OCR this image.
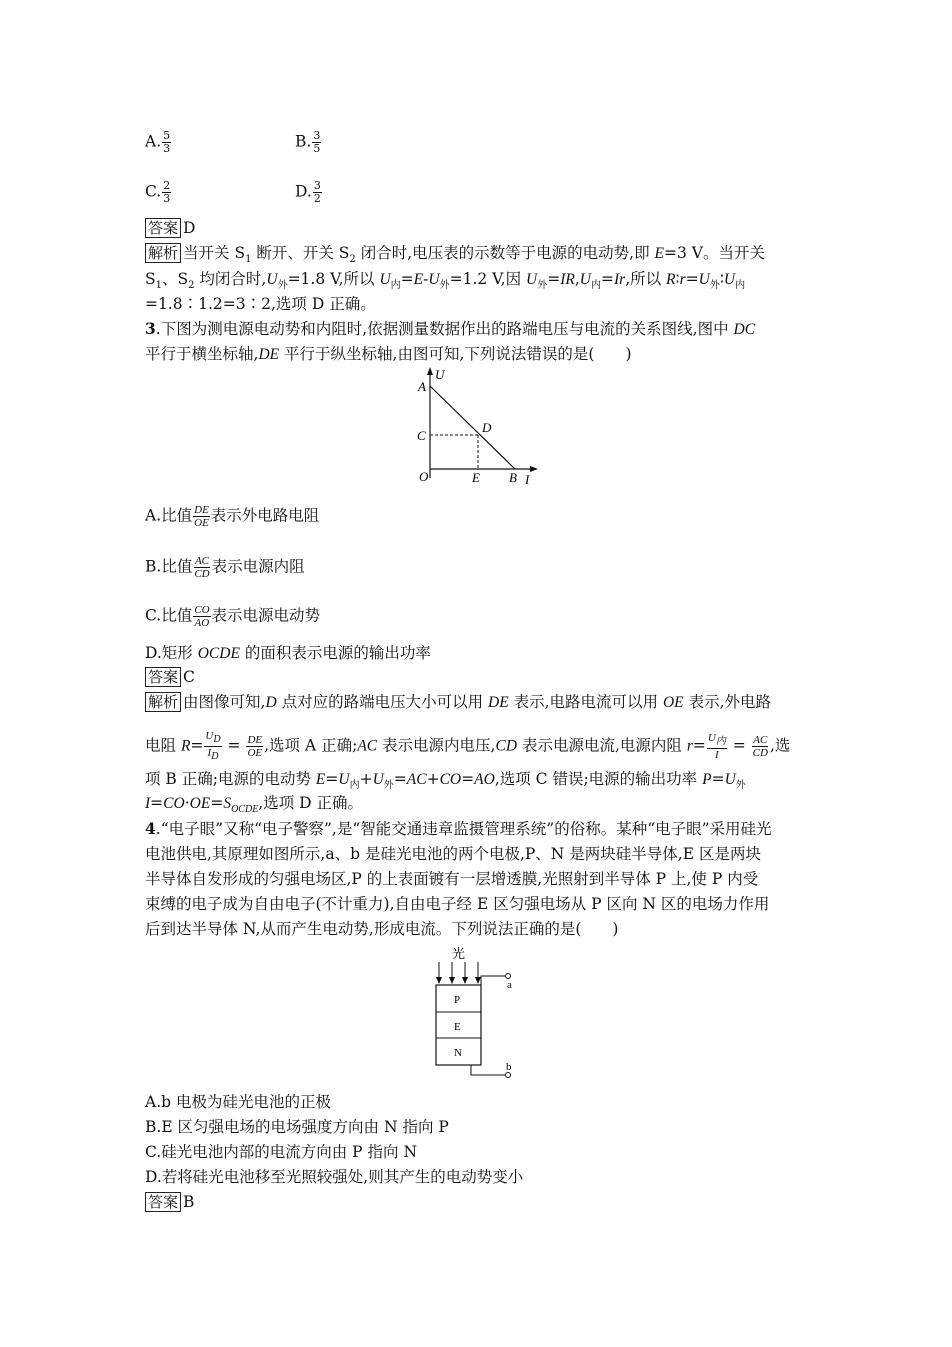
A. $\frac{5}{3}$	B. $\frac{3}{5}$
C. $\frac{2}{3}$	D. $\frac{3}{2}$
答案 D
解析 当开关 $S_1$ 断开、开关 $S_2$ 闭合时,电压表的示数等于电源的电动势,即 E=3 V。当开关
$S_1$、$S_2$ 均闭合时$,U_外=1.8$ V,所以 $U_内=E-U_外=1.2$ V,因 $U_外=IR,U_内=Ir$,所以 $R∶r=U_外∶U_内$
=1.8∶1.2=3∶2,选项 D 正确。
3.下图为测电源电动势和内阻时,依据测量数据作出的路端电压与电流的关系图线,图中 DC
平行于横坐标轴,DE 平行于纵坐标轴,由图可知,下列说法错误的是(　　)
U
A
C
D
O	E B I
A.比值 $\frac{DE}{OE}$ 表示外电路电阻
B.比值 $\frac{AC}{CD}$ 表示电源内阻
C.比值 $\frac{CO}{AO}$ 表示电源电动势
D.矩形 OCDE 的面积表示电源的输出功率
答案 C
解析 由图像可知,D 点对应的路端电压大小可以用 DE 表示,电路电流可以用 OE 表示,外电路
电阻 $R= \frac{U_D}{I_D} = \frac{DE}{OE}$ ,选项 A 正确;AC 表示电源内电压,CD 表示电源电流,电源内阻 $r= \frac{U_内}{I} = \frac{AC}{CD}$ ,选
项 B 正确;电源的电动势 $E=U_内+U_外=AC+CO=AO$,选项 C 错误;电源的输出功率 $P=U_外$
$I=CO\cdot OE=S_{OCDE}$,选项 D 正确。
4.“电子眼”又称“电子警察”,是“智能交通违章监摄管理系统”的俗称。某种“电子眼”采用硅光
电池供电,其原理如图所示,a、b 是硅光电池的两个电极,P、N 是两块硅半导体,E 区是两块
半导体自发形成的匀强电场区,P 的上表面镀有一层增透膜,光照射到半导体 P 上,使 P 内受
束缚的电子成为自由电子(不计重力),自由电子经 E 区匀强电场从 P 区向 N 区的电场力作用
后到达半导体 N,从而产生电动势,形成电流。下列说法正确的是(　　)
光
P
E
N
a
b
A.b 电极为硅光电池的正极
B.E 区匀强电场的电场强度方向由 N 指向 P
C.硅光电池内部的电流方向由 P 指向 N
D.若将硅光电池移至光照较强处,则其产生的电动势变小
答案 B
